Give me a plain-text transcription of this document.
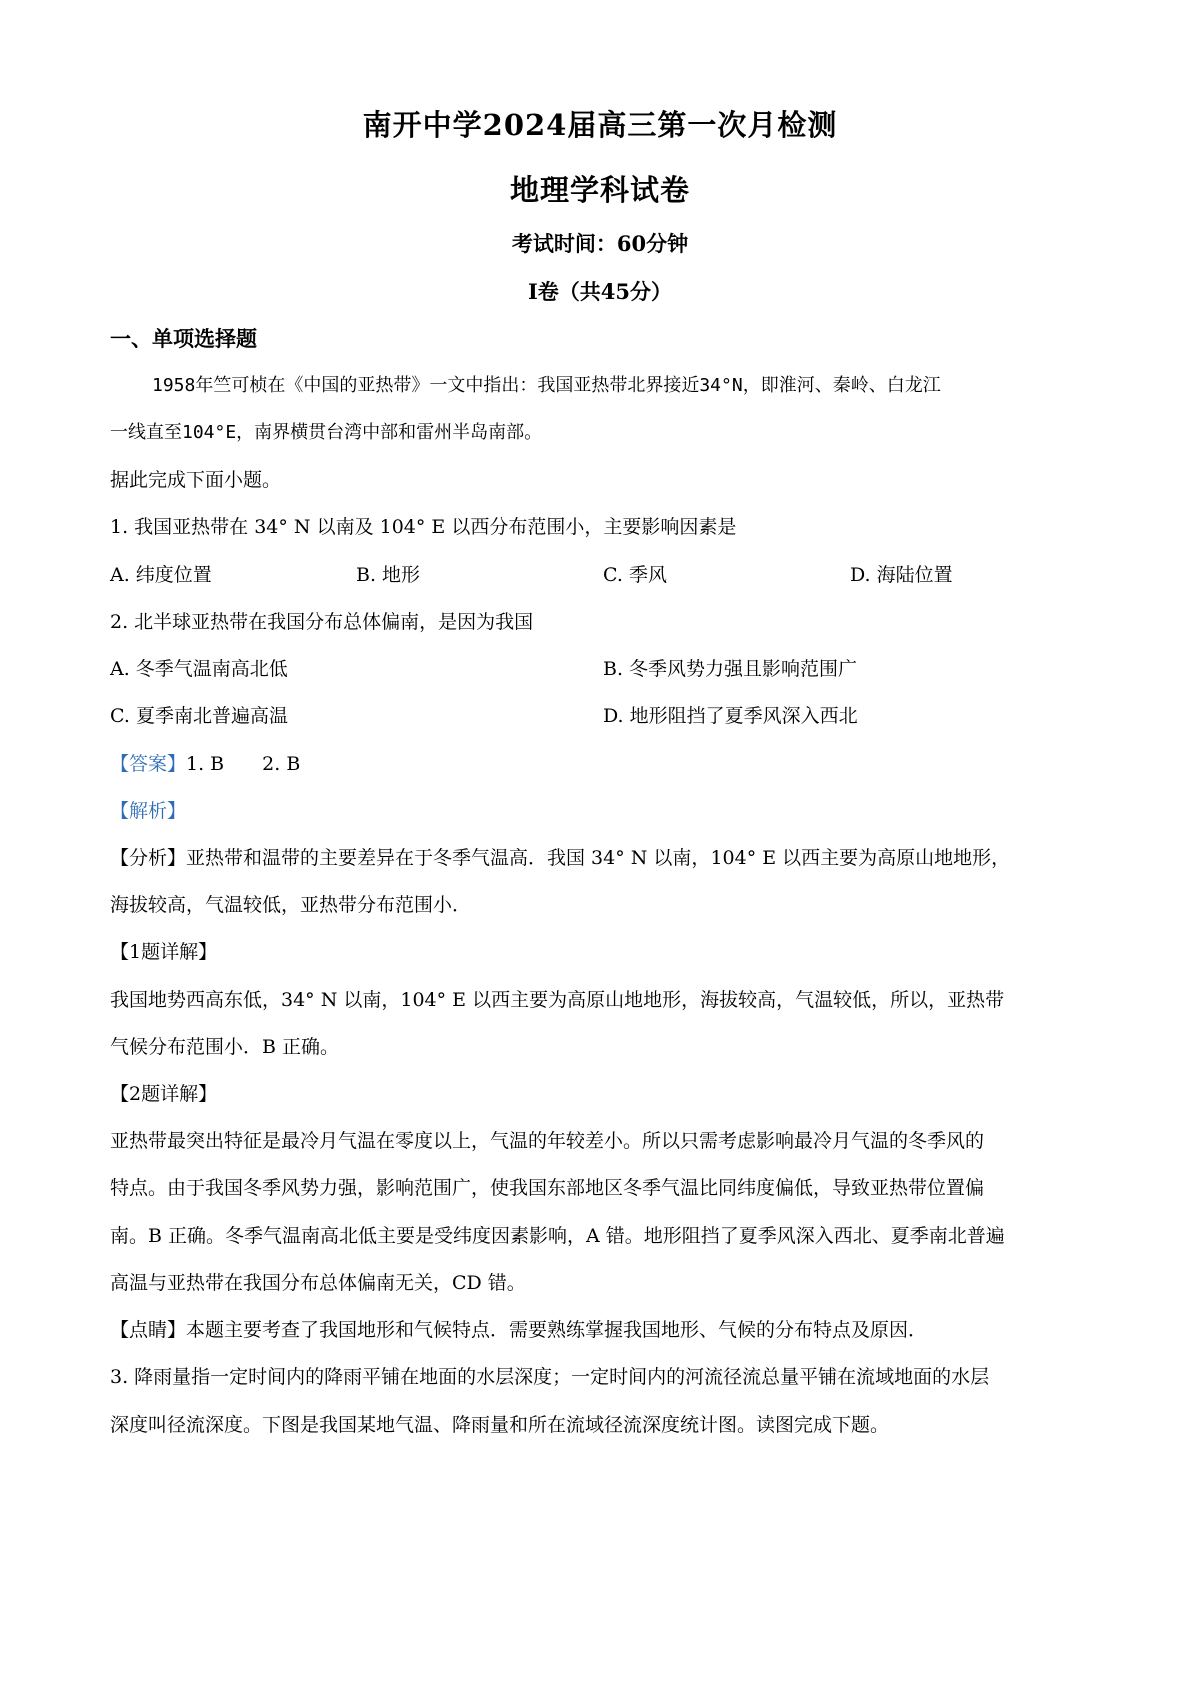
南开中学2024届高三第一次月检测
地理学科试卷
考试时间：60分钟
Ⅰ卷（共45分）
一、单项选择题
1958年竺可桢在《中国的亚热带》一文中指出：我国亚热带北界接近34°N，即淮河、秦岭、白龙江
一线直至104°E，南界横贯台湾中部和雷州半岛南部。
据此完成下面小题。
1. 我国亚热带在 34° N 以南及 104° E 以西分布范围小，主要影响因素是
A. 纬度位置	B. 地形	C. 季风	D. 海陆位置
2. 北半球亚热带在我国分布总体偏南，是因为我国
A. 冬季气温南高北低	B. 冬季风势力强且影响范围广
C. 夏季南北普遍高温	D. 地形阻挡了夏季风深入西北
【答案】1. B　　2. B
【解析】
【分析】亚热带和温带的主要差异在于冬季气温高．我国 34° N 以南，104° E 以西主要为高原山地地形，
海拔较高，气温较低，亚热带分布范围小．
【1题详解】
我国地势西高东低，34° N 以南，104° E 以西主要为高原山地地形，海拔较高，气温较低，所以，亚热带
气候分布范围小．B 正确。
【2题详解】
亚热带最突出特征是最冷月气温在零度以上，气温的年较差小。所以只需考虑影响最冷月气温的冬季风的
特点。由于我国冬季风势力强，影响范围广，使我国东部地区冬季气温比同纬度偏低，导致亚热带位置偏
南。B 正确。冬季气温南高北低主要是受纬度因素影响，A 错。地形阻挡了夏季风深入西北、夏季南北普遍
高温与亚热带在我国分布总体偏南无关，CD 错。
【点睛】本题主要考查了我国地形和气候特点．需要熟练掌握我国地形、气候的分布特点及原因．
3. 降雨量指一定时间内的降雨平铺在地面的水层深度；一定时间内的河流径流总量平铺在流域地面的水层
深度叫径流深度。下图是我国某地气温、降雨量和所在流域径流深度统计图。读图完成下题。
